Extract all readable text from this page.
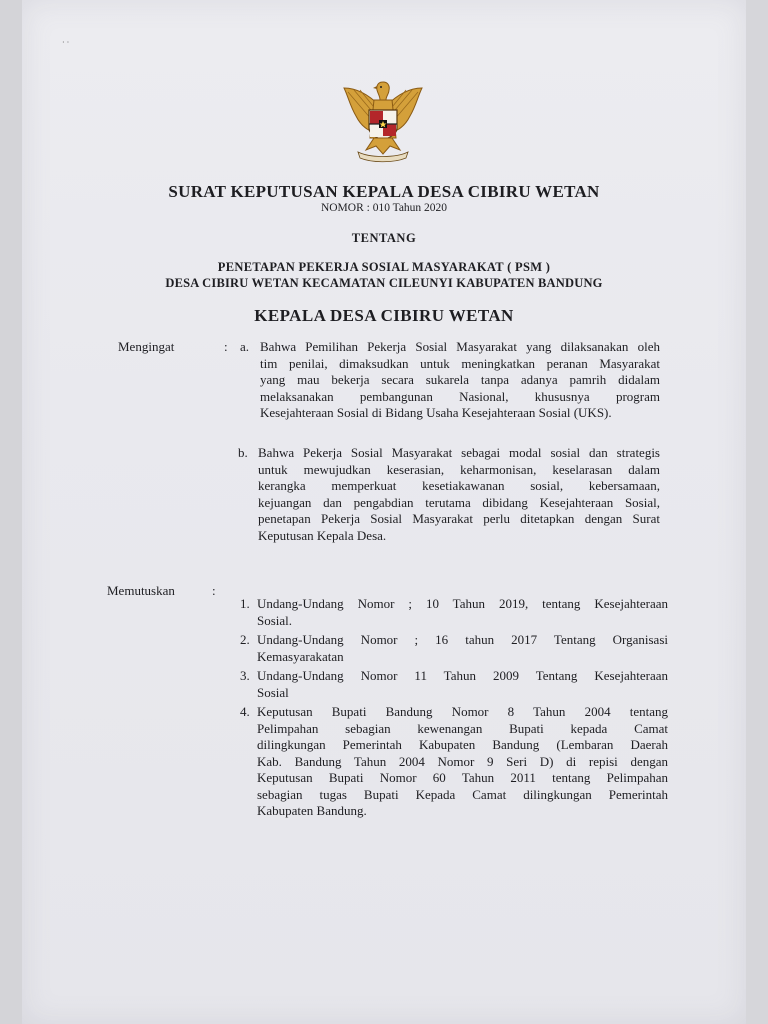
· ·
SURAT KEPUTUSAN KEPALA DESA CIBIRU WETAN
NOMOR : 010 Tahun 2020
TENTANG
PENETAPAN PEKERJA SOSIAL MASYARAKAT ( PSM )
DESA CIBIRU WETAN KECAMATAN CILEUNYI KABUPATEN BANDUNG
KEPALA DESA CIBIRU WETAN
Mengingat	: a. Bahwa Pemilihan Pekerja Sosial Masyarakat yang dilaksanakan oleh
tim penilai, dimaksudkan untuk meningkatkan peranan Masyarakat
yang mau bekerja secara sukarela tanpa adanya pamrih didalam
melaksanakan pembangunan Nasional, khususnya program
Kesejahteraan Sosial di Bidang Usaha Kesejahteraan Sosial (UKS).
b. Bahwa Pekerja Sosial Masyarakat sebagai modal sosial dan strategis
untuk mewujudkan keserasian, keharmonisan, keselarasan dalam
kerangka memperkuat kesetiakawanan sosial, kebersamaan,
kejuangan dan pengabdian terutama dibidang Kesejahteraan Sosial,
penetapan Pekerja Sosial Masyarakat perlu ditetapkan dengan Surat
Keputusan Kepala Desa.
Memutuskan	:
1. Undang-Undang Nomor ; 10 Tahun 2019, tentang Kesejahteraan
Sosial.
2. Undang-Undang Nomor ; 16 tahun 2017 Tentang Organisasi
Kemasyarakatan
3. Undang-Undang Nomor 11 Tahun 2009 Tentang Kesejahteraan
Sosial
4. Keputusan Bupati Bandung Nomor 8 Tahun 2004 tentang
Pelimpahan sebagian kewenangan Bupati kepada Camat
dilingkungan Pemerintah Kabupaten Bandung (Lembaran Daerah
Kab. Bandung Tahun 2004 Nomor 9 Seri D) di repisi dengan
Keputusan Bupati Nomor 60 Tahun 2011 tentang Pelimpahan
sebagian tugas Bupati Kepada Camat dilingkungan Pemerintah
Kabupaten Bandung.
